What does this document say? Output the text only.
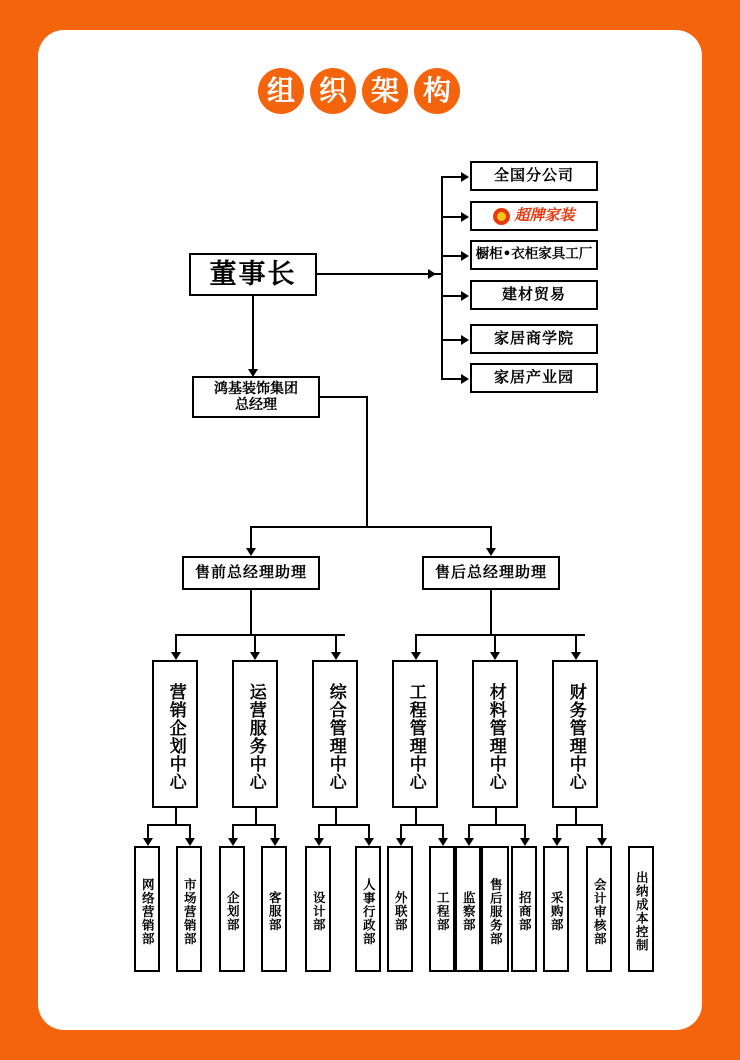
组 织 架 构
董事长
全国分公司
超牌家装
橱柜•衣柜家具工厂
建材贸易
家居商学院
家居产业园
鸿基装饰集团
总经理
售前总经理助理	售后总经理助理
营销企划中心	运营服务中心	综合管理中心	工程管理中心	材料管理中心	财务管理中心
网络营销部	市场营销部	企划部	客服部	设计部	人事行政部	外联部	工程部 监察部	招商部
售后服务部	采购部	会计审核部	出纳成本控制
